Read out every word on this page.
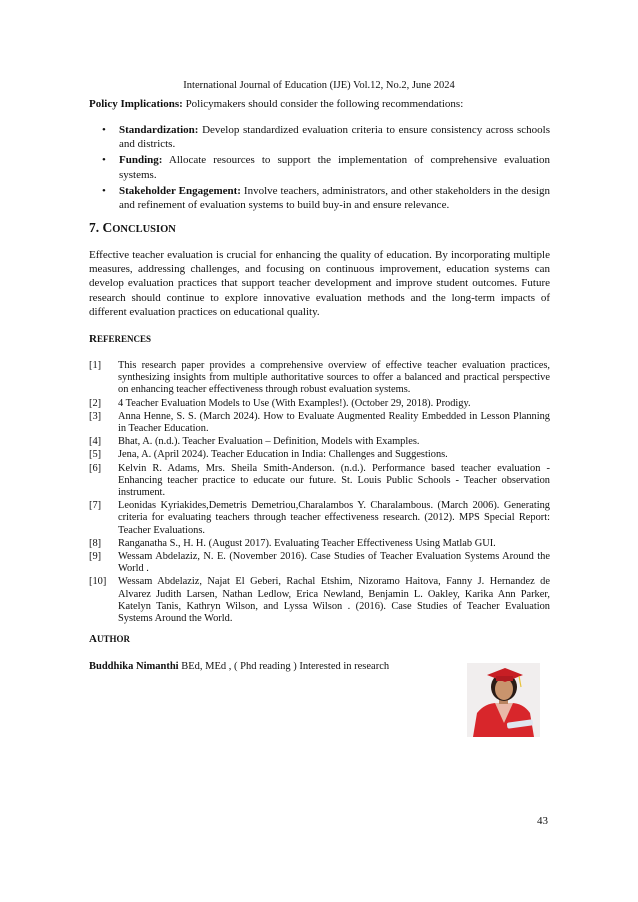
International Journal of Education (IJE) Vol.12, No.2, June 2024

Policy Implications: Policymakers should consider the following recommendations:

• Standardization: Develop standardized evaluation criteria to ensure consistency across schools and districts.
• Funding: Allocate resources to support the implementation of comprehensive evaluation systems.
• Stakeholder Engagement: Involve teachers, administrators, and other stakeholders in the design and refinement of evaluation systems to build buy-in and ensure relevance.
7. CONCLUSION

Effective teacher evaluation is crucial for enhancing the quality of education. By incorporating multiple measures, addressing challenges, and focusing on continuous improvement, education systems can develop evaluation practices that support teacher development and improve student outcomes. Future research should continue to explore innovative evaluation methods and the long-term impacts of different evaluation practices on educational quality.

REFERENCES
[1] This research paper provides a comprehensive overview of effective teacher evaluation practices, synthesizing insights from multiple authoritative sources to offer a balanced and practical perspective on enhancing teacher effectiveness through robust evaluation systems.
[2] 4 Teacher Evaluation Models to Use (With Examples!). (October 29, 2018). Prodigy.
[3] Anna Henne, S. S. (March 2024). How to Evaluate Augmented Reality Embedded in Lesson Planning in Teacher Education.
[4] Bhat, A. (n.d.). Teacher Evaluation – Definition, Models with Examples.
[5] Jena, A. (April 2024). Teacher Education in India: Challenges and Suggestions.
[6] Kelvin R. Adams, Mrs. Sheila Smith-Anderson. (n.d.). Performance based teacher evaluation - Enhancing teacher practice to educate our future. St. Louis Public Schools - Teacher observation instrument.
[7] Leonidas Kyriakides,Demetris Demetriou,Charalambos Y. Charalambous. (March 2006). Generating criteria for evaluating teachers through teacher effectiveness research. (2012). MPS Special Report: Teacher Evaluations.
[8] Ranganatha S., H. H. (August 2017). Evaluating Teacher Effectiveness Using Matlab GUI.
[9] Wessam Abdelaziz, N. E. (November 2016). Case Studies of Teacher Evaluation Systems Around the World .
[10] Wessam Abdelaziz, Najat El Geberi, Rachal Etshim, Nizoramo Haitova, Fanny J. Hernandez de Alvarez Judith Larsen, Nathan Ledlow, Erica Newland, Benjamin L. Oakley, Karika Ann Parker, Katelyn Tanis, Kathryn Wilson, and Lyssa Wilson . (2016). Case Studies of Teacher Evaluation Systems Around the World.
AUTHOR

Buddhika Nimanthi BEd, MEd , ( Phd reading ) Interested in research

43
